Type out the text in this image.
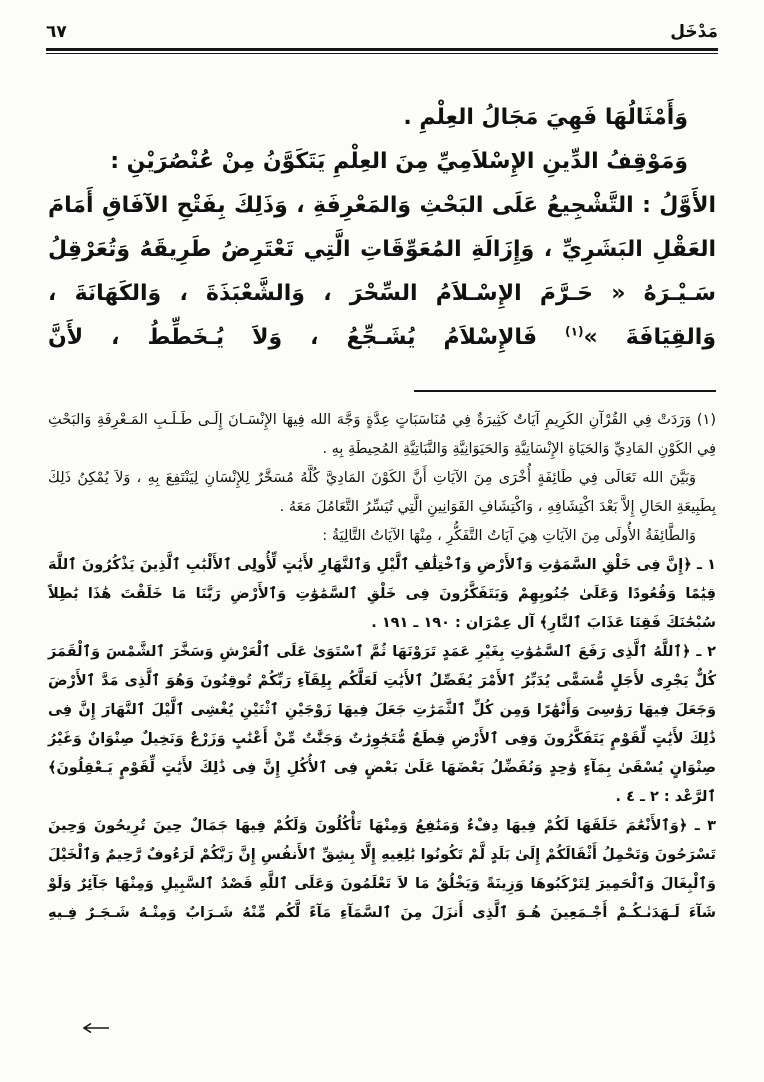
مَدْخَل
٦٧

وَأَمْثَالُهَا فَهِيَ مَجَالُ العِلْمِ .

وَمَوْقِفُ الدِّينِ الإِسْلاَمِيِّ مِنَ العِلْمِ يَتَكَوَّنُ مِنْ عُنْصُرَيْنِ :

الأَوَّلُ : التَّشْجِيعُ عَلَى البَحْثِ وَالمَعْرِفَةِ ، وَذَلِكَ بِفَتْحِ الآفَاقِ أَمَامَ العَقْلِ البَشَرِيِّ ، وَإِزَالَةِ المُعَوِّقَاتِ الَّتِي تَعْتَرِضُ طَرِيقَهُ وَتُعَرْقِلُ سَـيْـرَهُ « حَـرَّمَ الإِسْـلاَمُ السِّحْرَ ، وَالشَّعْبَذَةَ ، وَالكَهَانَةَ ، وَالقِيَافَةَ »$^{(١)}$ فَالإِسْلاَمُ يُشَـجِّعُ ، وَلاَ يُـخَطِّطُ ، لأَنَّ

(١) وَرَدَتْ فِي القُرْآنِ الكَرِيمِ آيَاتٌ كَثِيرَةٌ فِي مُنَاسَبَاتٍ عِدَّةٍ وَجَّهَ الله فِيهَا الإِنْسَـانَ إِلَـى طَـلَـبِ المَـعْرِفَةِ وَالبَحْثِ فِي الكَوْنِ المَادِيِّ وَالحَيَاةِ الإِنْسَانِيَّةِ وَالحَيَوَانِيَّةِ وَالنَّبَاتِيَّةِ المُحِيطَةِ بِهِ .

وَبَيَّنَ الله تَعَالَى فِي طَائِفَةٍ أُخْرَى مِنَ الآيَاتِ أَنَّ الكَوْنَ المَادِيَّ كُلَّهُ مُسَخَّرٌ لِلإِنْسَانِ لِيَنْتَفِعَ بِهِ ، وَلاَ يُمْكِنُ ذَلِكَ بِطَبِيعَةِ الحَالِ إِلاَّ بَعْدَ اكْتِشَافِهِ ، وَاكْتِشَافِ القَوَانِينِ الَّتِي تُيَسِّرُ التَّعَامُلَ مَعَهُ .

وَالطَّائِفَةُ الأُولَى مِنَ الآيَاتِ هِيَ آيَاتُ التَّفَكُّرِ ، مِنْهَا الآيَاتُ التَّالِيَةُ :

١ ـ ﴿إِنَّ فِى خَلْقِ السَّمَوَٰتِ وَٱلأَرْضِ وَٱخْتِلَٰفِ ٱلَّيْلِ وَٱلنَّهَارِ لأَيَٰتٍ لِّأُولِى ٱلأَلْبَٰبِ ٱلَّذِينَ يَذْكُرُونَ ٱللَّهَ قِيَٰمًا وَقُعُودًا وَعَلَىٰ جُنُوبِهِمْ وَيَتَفَكَّرُونَ فِى خَلْقِ ٱلسَّمَٰوَٰتِ وَٱلأَرْضِ رَبَّنَا مَا خَلَقْتَ هَٰذَا بَٰطِلاً سُبْحَٰنَكَ فَقِنَا عَذَابَ ٱلنَّارِ﴾ آل عِمْرَان : ١٩٠ ـ ١٩١ .

٢ ـ ﴿ٱللَّهُ ٱلَّذِى رَفَعَ ٱلسَّمَٰوَٰتِ بِغَيْرِ عَمَدٍ تَرَوْنَهَا ثُمَّ ٱسْتَوَىٰ عَلَى ٱلْعَرْشِ وَسَخَّرَ ٱلشَّمْسَ وَٱلْقَمَرَ كُلٌّ يَجْرِى لأَجَلٍ مُّسَمًّى يُدَبِّرُ ٱلأَمْرَ يُفَصِّلُ ٱلأَيَٰتِ لَعَلَّكُم بِلِقَآءِ رَبِّكُمْ تُوقِنُونَ وَهُوَ ٱلَّذِى مَدَّ ٱلأَرْضَ وَجَعَلَ فِيهَا رَوَٰسِىَ وَأَنْهَٰرًا وَمِن كُلِّ ٱلثَّمَرَٰتِ جَعَلَ فِيهَا زَوْجَيْنِ ٱثْنَيْنِ يُغْشِى ٱلَّيْلَ ٱلنَّهَارَ إِنَّ فِى ذَٰلِكَ لأَيَٰتٍ لِّقَوْمٍ يَتَفَكَّرُونَ وَفِى ٱلأَرْضِ قِطَعٌ مُّتَجَٰوِرَٰتٌ وَجَنَّٰتٌ مِّنْ أَعْنَٰبٍ وَزَرْعٌ وَنَخِيلٌ صِنْوَانٌ وَغَيْرُ صِنْوَانٍ يُسْقَىٰ بِمَآءٍ وَٰحِدٍ وَنُفَضِّلُ بَعْضَهَا عَلَىٰ بَعْضٍ فِى ٱلأُكُلِ إِنَّ فِى ذَٰلِكَ لأَيَٰتٍ لِّقَوْمٍ يَـعْقِلُونَ﴾ ٱلرَّعْد : ٢ ـ ٤ .

٣ ـ ﴿وَٱلأَنْعَٰمَ خَلَقَهَا لَكُمْ فِيهَا دِفْءٌ وَمَنَٰفِعُ وَمِنْهَا تَأْكُلُونَ وَلَكُمْ فِيهَا جَمَالٌ حِينَ تُرِيحُونَ وَحِينَ تَسْرَحُونَ وَتَحْمِلُ أَثْقَالَكُمْ إِلَىٰ بَلَدٍ لَّمْ تَكُونُوا بَٰلِغِيهِ إِلَّا بِشِقِّ ٱلأَنفُسِ إِنَّ رَبَّكُمْ لَرَءُوفٌ رَّحِيمٌ وَٱلْخَيْلَ وَٱلْبِغَالَ وَٱلْحَمِيرَ لِتَرْكَبُوهَا وَزِينَةً وَيَخْلُقُ مَا لاَ تَعْلَمُونَ وَعَلَى ٱللَّهِ قَصْدُ ٱلسَّبِيلِ وَمِنْهَا جَآئِرٌ وَلَوْ شَآءَ لَـهَدَىٰـكُـمْ أَجْـمَعِينَ هُـوَ ٱلَّذِى أَنزَلَ مِنَ ٱلسَّمَآءِ مَآءً لَّكُم مِّنْهُ شَـرَابٌ وَمِنْـهُ شَـجَـرٌ فِـيهِ
